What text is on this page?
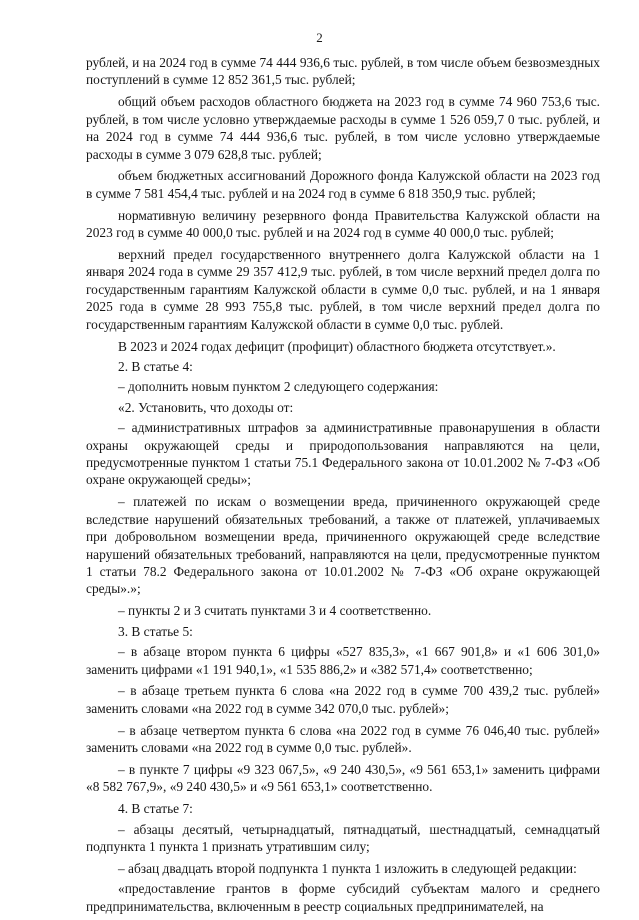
2

рублей, и на 2024 год в сумме 74 444 936,6 тыс. рублей, в том числе объем безвозмездных поступлений в сумме 12 852 361,5 тыс. рублей;

общий объем расходов областного бюджета на 2023 год в сумме 74 960 753,6 тыс. рублей, в том числе условно утверждаемые расходы в сумме 1 526 059,7 0 тыс. рублей, и на 2024 год в сумме 74 444 936,6 тыс. рублей, в том числе условно утверждаемые расходы в сумме 3 079 628,8 тыс. рублей;

объем бюджетных ассигнований Дорожного фонда Калужской области на 2023 год в сумме 7 581 454,4 тыс. рублей и на 2024 год в сумме 6 818 350,9 тыс. рублей;

нормативную величину резервного фонда Правительства Калужской области на 2023 год в сумме 40 000,0 тыс. рублей и на 2024 год в сумме 40 000,0 тыс. рублей;

верхний предел государственного внутреннего долга Калужской области на 1 января 2024 года в сумме 29 357 412,9 тыс. рублей, в том числе верхний предел долга по государственным гарантиям Калужской области в сумме 0,0 тыс. рублей, и на 1 января 2025 года в сумме 28 993 755,8 тыс. рублей, в том числе верхний предел долга по государственным гарантиям Калужской области в сумме 0,0 тыс. рублей.

В 2023 и 2024 годах дефицит (профицит) областного бюджета отсутствует.».

2. В статье 4:

– дополнить новым пунктом 2 следующего содержания:

«2. Установить, что доходы от:

– административных штрафов за административные правонарушения в области охраны окружающей среды и природопользования направляются на цели, предусмотренные пунктом 1 статьи 75.1 Федерального закона от 10.01.2002 № 7-ФЗ «Об охране окружающей среды»;

– платежей по искам о возмещении вреда, причиненного окружающей среде вследствие нарушений обязательных требований, а также от платежей, уплачиваемых при добровольном возмещении вреда, причиненного окружающей среде вследствие нарушений обязательных требований, направляются на цели, предусмотренные пунктом 1 статьи 78.2 Федерального закона от 10.01.2002 № 7-ФЗ «Об охране окружающей среды».»;

– пункты 2 и 3 считать пунктами 3 и 4 соответственно.

3. В статье 5:

– в абзаце втором пункта 6 цифры «527 835,3», «1 667 901,8» и «1 606 301,0» заменить цифрами «1 191 940,1», «1 535 886,2» и «382 571,4» соответственно;

– в абзаце третьем пункта 6 слова «на 2022 год в сумме 700 439,2 тыс. рублей» заменить словами «на 2022 год в сумме 342 070,0 тыс. рублей»;

– в абзаце четвертом пункта 6 слова «на 2022 год в сумме 76 046,40 тыс. рублей» заменить словами «на 2022 год в сумме 0,0 тыс. рублей».

– в пункте 7 цифры «9 323 067,5», «9 240 430,5», «9 561 653,1» заменить цифрами «8 582 767,9», «9 240 430,5» и «9 561 653,1» соответственно.

4. В статье 7:

– абзацы десятый, четырнадцатый, пятнадцатый, шестнадцатый, семнадцатый подпункта 1 пункта 1 признать утратившим силу;

– абзац двадцать второй подпункта 1 пункта 1 изложить в следующей редакции:

«предоставление грантов в форме субсидий субъектам малого и среднего предпринимательства, включенным в реестр социальных предпринимателей, на
